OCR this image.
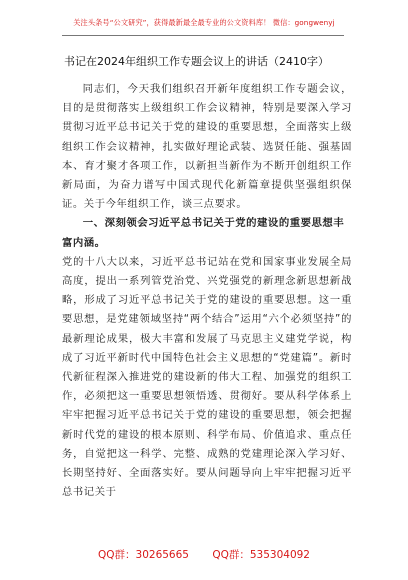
关注头条号“公文研究”，获得最新最全最专业的公文资料库！ 微信：gongwenyj
书记在2024年组织工作专题会议上的讲话（2410字）

同志们，今天我们组织召开新年度组织工作专题会议，目的是贯彻落实上级组织工作会议精神，特别是要深入学习贯彻习近平总书记关于党的建设的重要思想，全面落实上级组织工作会议精神，扎实做好理论武装、选贤任能、强基固本、育才聚才各项工作，以新担当新作为不断开创组织工作新局面，为奋力谱写中国式现代化新篇章提供坚强组织保证。关于今年组织工作，谈三点要求。

一、深刻领会习近平总书记关于党的建设的重要思想丰富内涵。

党的十八大以来，习近平总书记站在党和国家事业发展全局高度，提出一系列管党治党、兴党强党的新理念新思想新战略，形成了习近平总书记关于党的建设的重要思想。这一重要思想，是党建领域坚持“两个结合”运用“六个必须坚持”的最新理论成果，极大丰富和发展了马克思主义建党学说，构成了习近平新时代中国特色社会主义思想的“党建篇”。新时代新征程深入推进党的建设新的伟大工程、加强党的组织工作，必须把这一重要思想领悟透、贯彻好。要从科学体系上牢牢把握习近平总书记关于党的建设的重要思想，领会把握新时代党的建设的根本原则、科学布局、价值追求、重点任务，自觉把这一科学、完整、成熟的党建理论深入学习好、长期坚持好、全面落实好。要从问题导向上牢牢把握习近平总书记关于

QQ群：30265665 QQ群：535304092
